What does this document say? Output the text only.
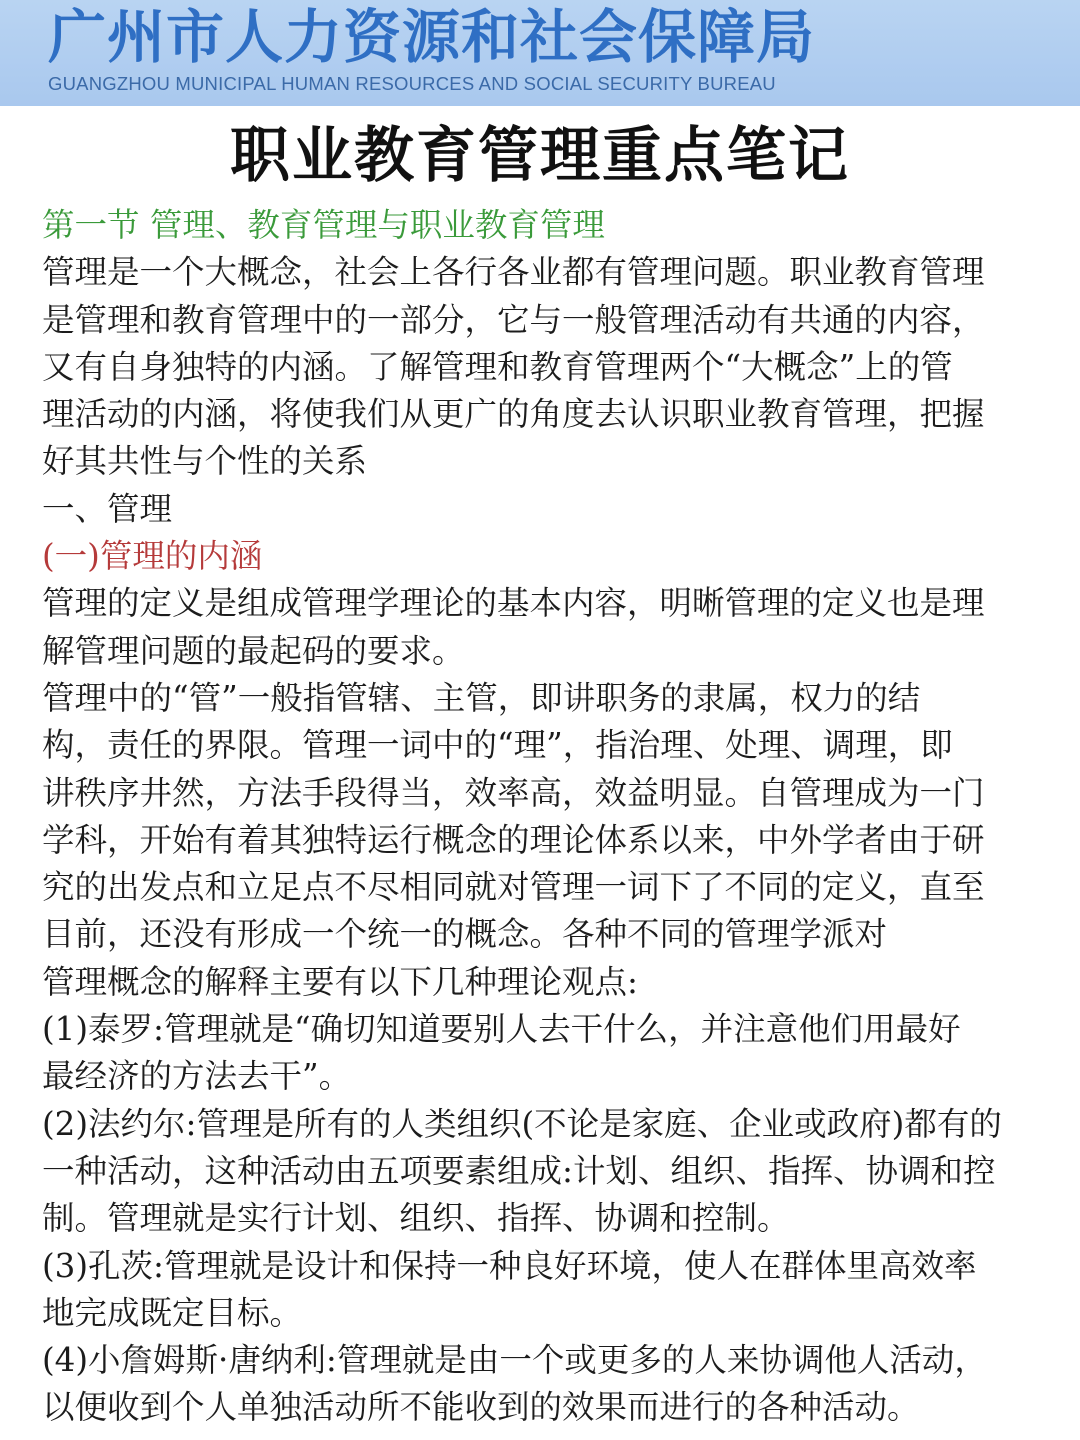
广州市人力资源和社会保障局
GUANGZHOU MUNICIPAL HUMAN RESOURCES AND SOCIAL SECURITY BUREAU
职业教育管理重点笔记
第一节 管理、教育管理与职业教育管理
管理是一个大概念，社会上各行各业都有管理问题。职业教育管理
是管理和教育管理中的一部分，它与一般管理活动有共通的内容，
又有自身独特的内涵。了解管理和教育管理两个“大概念”上的管
理活动的内涵，将使我们从更广的角度去认识职业教育管理，把握
好其共性与个性的关系
一、管理
(一)管理的内涵
管理的定义是组成管理学理论的基本内容，明晰管理的定义也是理
解管理问题的最起码的要求。
管理中的“管”一般指管辖、主管，即讲职务的隶属，权力的结
构，责任的界限。管理一词中的“理”，指治理、处理、调理，即
讲秩序井然，方法手段得当，效率高，效益明显。自管理成为一门
学科，开始有着其独特运行概念的理论体系以来，中外学者由于研
究的出发点和立足点不尽相同就对管理一词下了不同的定义，直至
目前，还没有形成一个统一的概念。各种不同的管理学派对
管理概念的解释主要有以下几种理论观点:
(1)泰罗:管理就是“确切知道要别人去干什么，并注意他们用最好
最经济的方法去干”。
(2)法约尔:管理是所有的人类组织(不论是家庭、企业或政府)都有的
一种活动，这种活动由五项要素组成:计划、组织、指挥、协调和控
制。管理就是实行计划、组织、指挥、协调和控制。
(3)孔茨:管理就是设计和保持一种良好环境，使人在群体里高效率
地完成既定目标。
(4)小詹姆斯·唐纳利:管理就是由一个或更多的人来协调他人活动，
以便收到个人单独活动所不能收到的效果而进行的各种活动。
